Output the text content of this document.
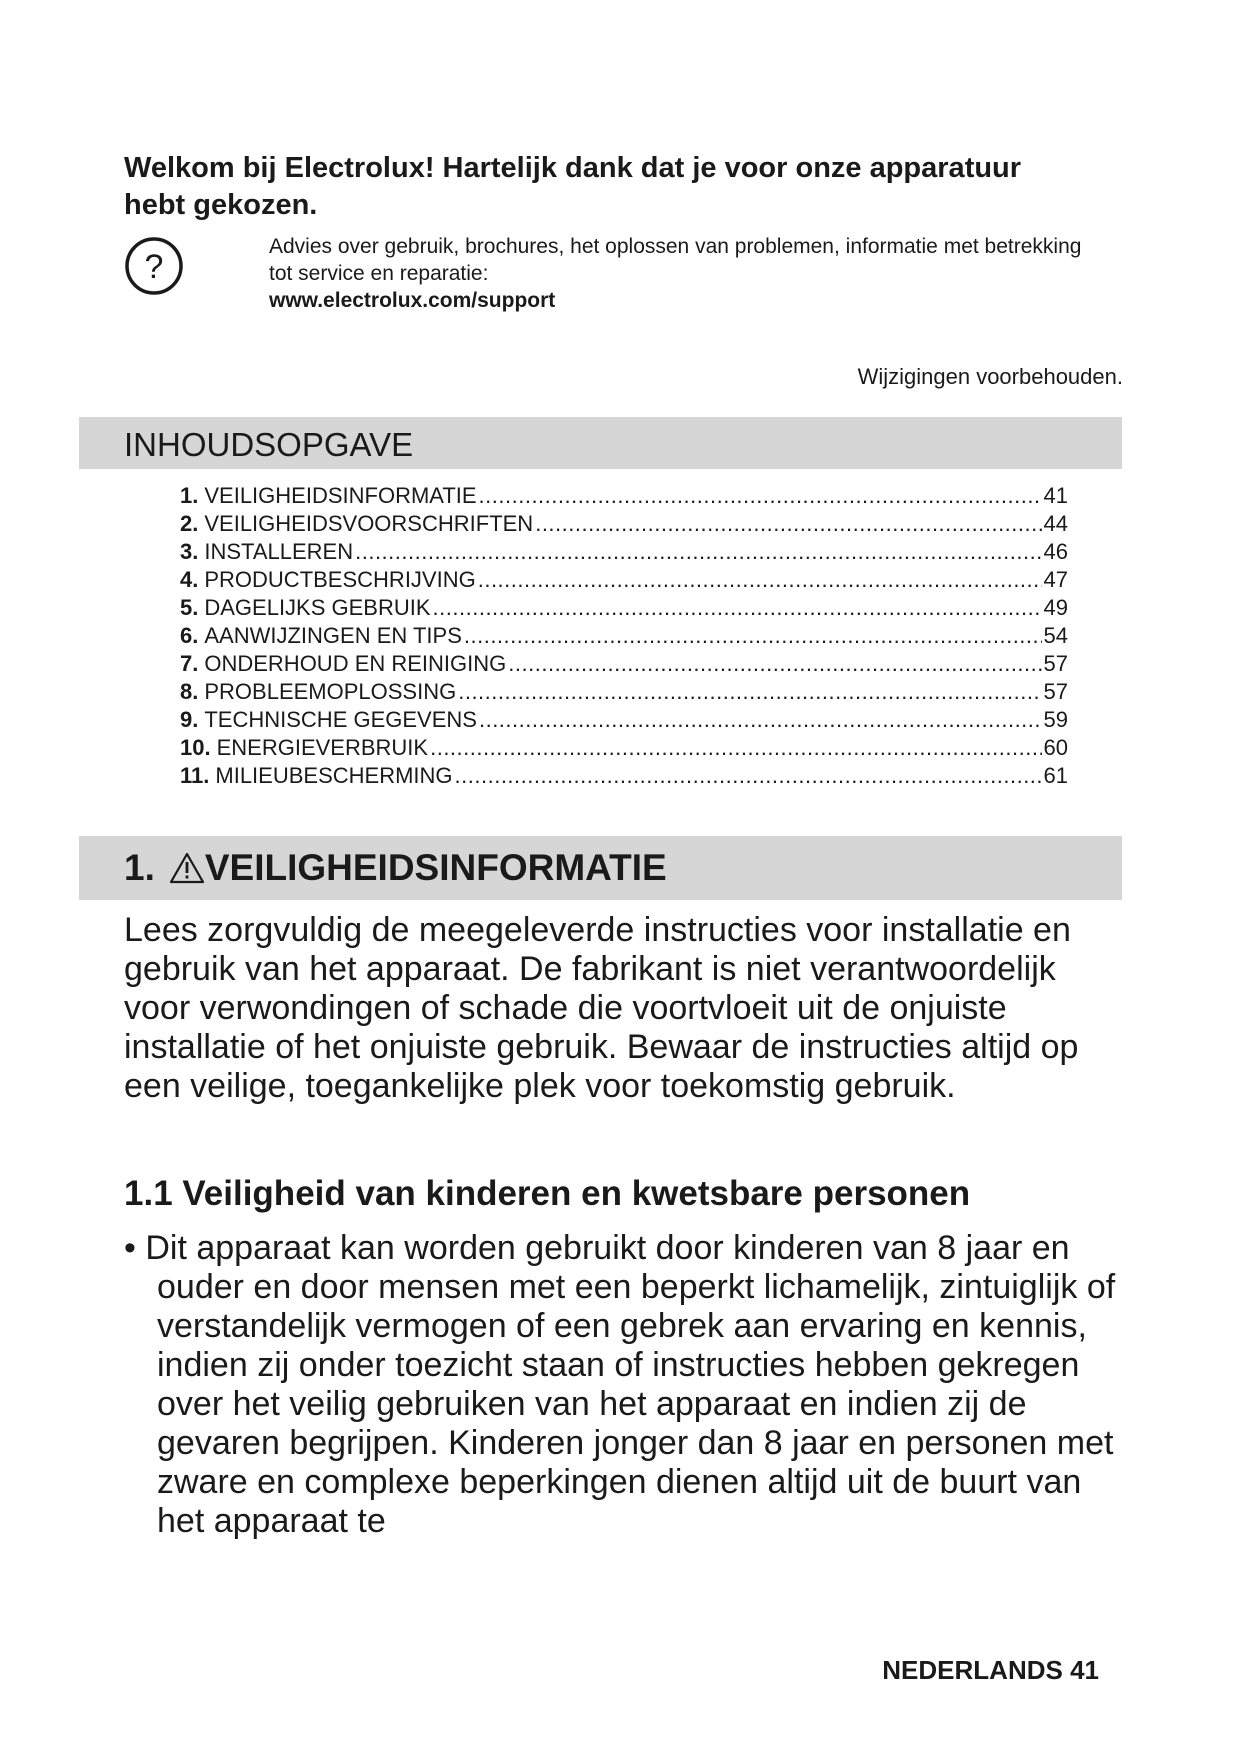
Welkom bij Electrolux! Hartelijk dank dat je voor onze apparatuur hebt gekozen.
?
Advies over gebruik, brochures, het oplossen van problemen, informatie met betrekking tot service en reparatie:
www.electrolux.com/support
Wijzigingen voorbehouden.
INHOUDSOPGAVE
1. VEILIGHEIDSINFORMATIE .....	41
2. VEILIGHEIDSVOORSCHRIFTEN .....	44
3. INSTALLEREN .....	46
4. PRODUCTBESCHRIJVING .....	47
5. DAGELIJKS GEBRUIK .....	49
6. AANWIJZINGEN EN TIPS .....	54
7. ONDERHOUD EN REINIGING .....	57
8. PROBLEEMOPLOSSING .....	57
9. TECHNISCHE GEGEVENS .....	59
10. ENERGIEVERBRUIK .....	60
11. MILIEUBESCHERMING .....	61
1. VEILIGHEIDSINFORMATIE

Lees zorgvuldig de meegeleverde instructies voor installatie en gebruik van het apparaat. De fabrikant is niet verantwoordelijk voor verwondingen of schade die voortvloeit uit de onjuiste installatie of het onjuiste gebruik. Bewaar de instructies altijd op een veilige, toegankelijke plek voor toekomstig gebruik.

1.1 Veiligheid van kinderen en kwetsbare personen

• Dit apparaat kan worden gebruikt door kinderen van 8 jaar en ouder en door mensen met een beperkt lichamelijk, zintuiglijk of verstandelijk vermogen of een gebrek aan ervaring en kennis, indien zij onder toezicht staan of instructies hebben gekregen over het veilig gebruiken van het apparaat en indien zij de gevaren begrijpen. Kinderen jonger dan 8 jaar en personen met zware en complexe beperkingen dienen altijd uit de buurt van het apparaat te

NEDERLANDS 41
